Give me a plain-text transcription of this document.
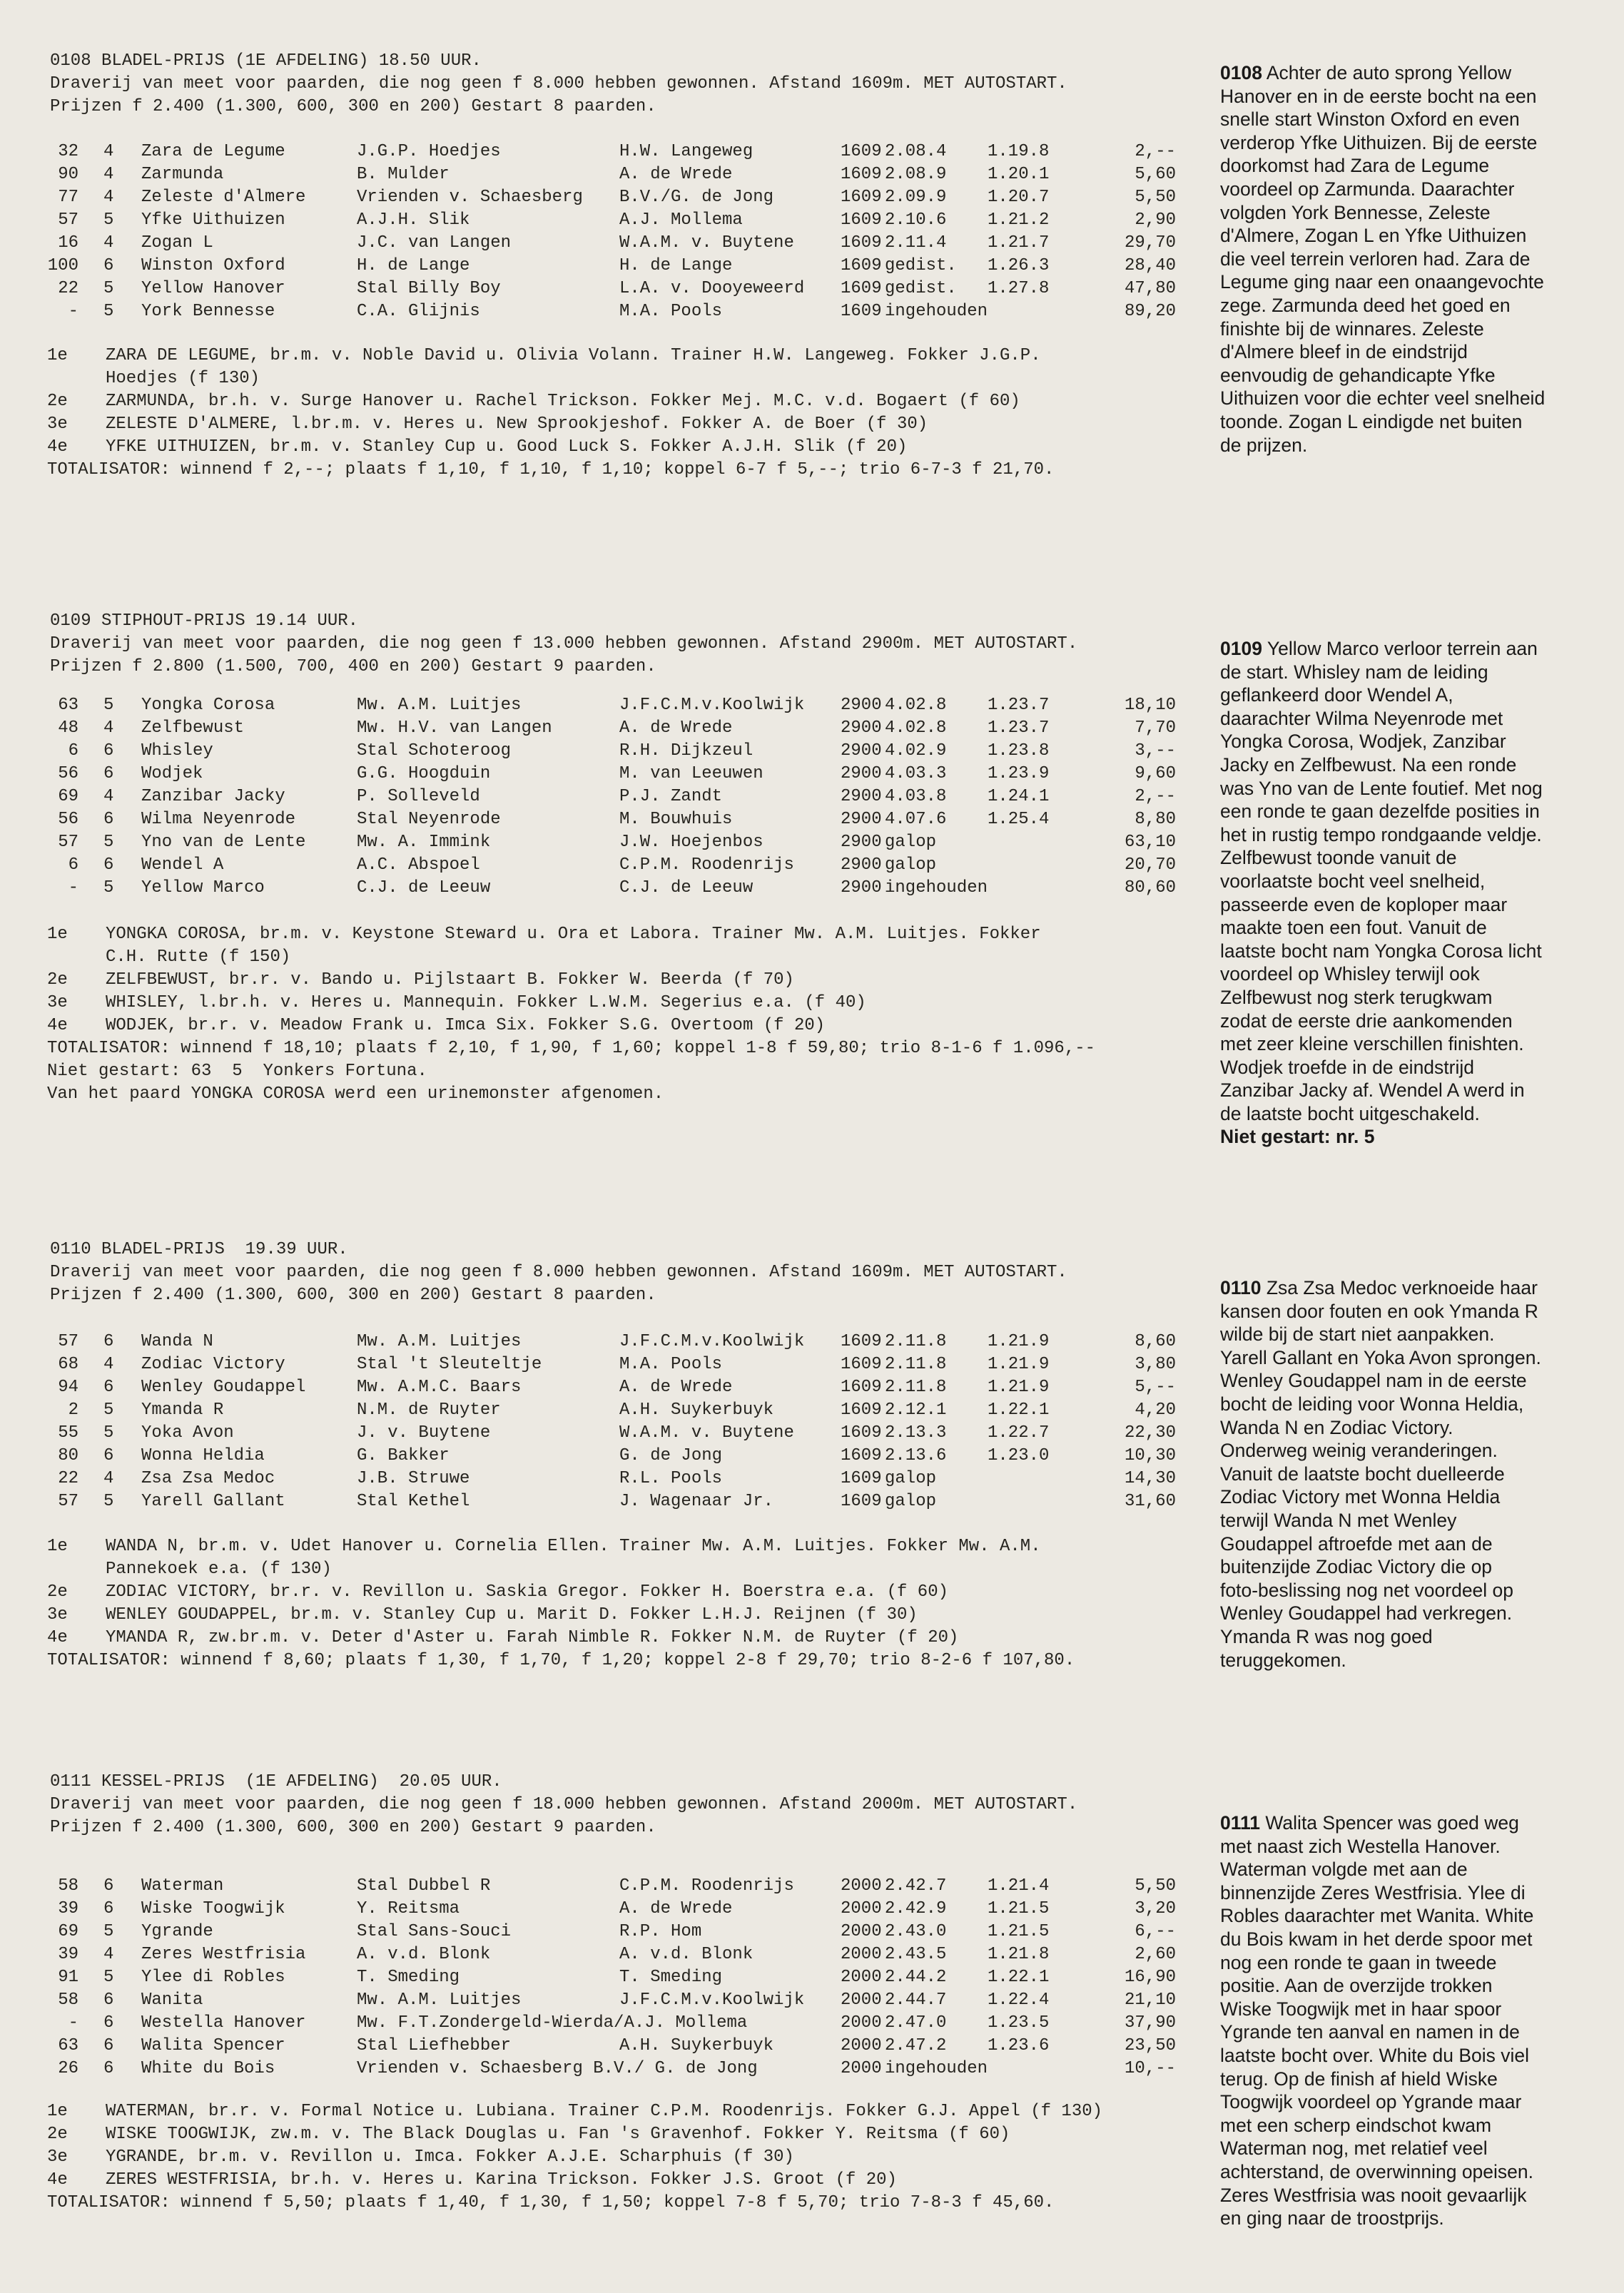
0108 BLADEL-PRIJS (1E AFDELING) 18.50 UUR.
Draverij van meet voor paarden, die nog geen f 8.000 hebben gewonnen. Afstand 1609m. MET AUTOSTART.
Prijzen f 2.400 (1.300, 600, 300 en 200) Gestart 8 paarden.
32 4 Zara de Legume	J.G.P. Hoedjes	H.W. Langeweg	1609 2.08.4 1.19.8	2,--
90 4 Zarmunda	B. Mulder	A. de Wrede	1609 2.08.9 1.20.1	5,60
77 4 Zeleste d'Almere	Vrienden v. Schaesberg B.V./G. de Jong	1609 2.09.9 1.20.7	5,50
57 5 Yfke Uithuizen	A.J.H. Slik	A.J. Mollema	1609 2.10.6 1.21.2	2,90
16 4 Zogan L	J.C. van Langen	W.A.M. v. Buytene	1609 2.11.4 1.21.7	29,70
100 6 Winston Oxford	H. de Lange	H. de Lange	1609 gedist. 1.26.3	28,40
22 5 Yellow Hanover	Stal Billy Boy	L.A. v. Dooyeweerd 1609 gedist. 1.27.8	47,80
- 5 York Bennesse	C.A. Glijnis	M.A. Pools	1609 ingehouden	89,20
1e ZARA DE LEGUME, br.m. v. Noble David u. Olivia Volann. Trainer H.W. Langeweg. Fokker J.G.P.
Hoedjes (f 130)
2e ZARMUNDA, br.h. v. Surge Hanover u. Rachel Trickson. Fokker Mej. M.C. v.d. Bogaert (f 60)
3e ZELESTE D'ALMERE, l.br.m. v. Heres u. New Sprookjeshof. Fokker A. de Boer (f 30)
4e YFKE UITHUIZEN, br.m. v. Stanley Cup u. Good Luck S. Fokker A.J.H. Slik (f 20)
TOTALISATOR: winnend f 2,--; plaats f 1,10, f 1,10, f 1,10; koppel 6-7 f 5,--; trio 6-7-3 f 21,70.
0108 Achter de auto sprong Yellow
Hanover en in de eerste bocht na een
snelle start Winston Oxford en even
verderop Yfke Uithuizen. Bij de eerste
doorkomst had Zara de Legume
voordeel op Zarmunda. Daarachter
volgden York Bennesse, Zeleste
d'Almere, Zogan L en Yfke Uithuizen
die veel terrein verloren had. Zara de
Legume ging naar een onaangevochte
zege. Zarmunda deed het goed en
finishte bij de winnares. Zeleste
d'Almere bleef in de eindstrijd
eenvoudig de gehandicapte Yfke
Uithuizen voor die echter veel snelheid
toonde. Zogan L eindigde net buiten
de prijzen.
0109 STIPHOUT-PRIJS 19.14 UUR.
Draverij van meet voor paarden, die nog geen f 13.000 hebben gewonnen. Afstand 2900m. MET AUTOSTART.
Prijzen f 2.800 (1.500, 700, 400 en 200) Gestart 9 paarden.
63 5 Yongka Corosa	Mw. A.M. Luitjes	J.F.C.M.v.Koolwijk 2900 4.02.8 1.23.7	18,10
48 4 Zelfbewust	Mw. H.V. van Langen	A. de Wrede	2900 4.02.8 1.23.7	7,70
6 6 Whisley	Stal Schoteroog	R.H. Dijkzeul	2900 4.02.9 1.23.8	3,--
56 6 Wodjek	G.G. Hoogduin	M. van Leeuwen	2900 4.03.3 1.23.9	9,60
69 4 Zanzibar Jacky	P. Solleveld	P.J. Zandt	2900 4.03.8 1.24.1	2,--
56 6 Wilma Neyenrode	Stal Neyenrode	M. Bouwhuis	2900 4.07.6 1.25.4	8,80
57 5 Yno van de Lente	Mw. A. Immink	J.W. Hoejenbos	2900 galop	63,10
6 6 Wendel A	A.C. Abspoel	C.P.M. Roodenrijs	2900 galop	20,70
- 5 Yellow Marco	C.J. de Leeuw	C.J. de Leeuw	2900 ingehouden	80,60
1e YONGKA COROSA, br.m. v. Keystone Steward u. Ora et Labora. Trainer Mw. A.M. Luitjes. Fokker
C.H. Rutte (f 150)
2e ZELFBEWUST, br.r. v. Bando u. Pijlstaart B. Fokker W. Beerda (f 70)
3e WHISLEY, l.br.h. v. Heres u. Mannequin. Fokker L.W.M. Segerius e.a. (f 40)
4e WODJEK, br.r. v. Meadow Frank u. Imca Six. Fokker S.G. Overtoom (f 20)
TOTALISATOR: winnend f 18,10; plaats f 2,10, f 1,90, f 1,60; koppel 1-8 f 59,80; trio 8-1-6 f 1.096,--
Niet gestart: 63  5  Yonkers Fortuna.
Van het paard YONGKA COROSA werd een urinemonster afgenomen.
0109 Yellow Marco verloor terrein aan
de start. Whisley nam de leiding
geflankeerd door Wendel A,
daarachter Wilma Neyenrode met
Yongka Corosa, Wodjek, Zanzibar
Jacky en Zelfbewust. Na een ronde
was Yno van de Lente foutief. Met nog
een ronde te gaan dezelfde posities in
het in rustig tempo rondgaande veldje.
Zelfbewust toonde vanuit de
voorlaatste bocht veel snelheid,
passeerde even de koploper maar
maakte toen een fout. Vanuit de
laatste bocht nam Yongka Corosa licht
voordeel op Whisley terwijl ook
Zelfbewust nog sterk terugkwam
zodat de eerste drie aankomenden
met zeer kleine verschillen finishten.
Wodjek troefde in de eindstrijd
Zanzibar Jacky af. Wendel A werd in
de laatste bocht uitgeschakeld.
Niet gestart: nr. 5
0110 BLADEL-PRIJS  19.39 UUR.
Draverij van meet voor paarden, die nog geen f 8.000 hebben gewonnen. Afstand 1609m. MET AUTOSTART.
Prijzen f 2.400 (1.300, 600, 300 en 200) Gestart 8 paarden.
57 6 Wanda N	Mw. A.M. Luitjes	J.F.C.M.v.Koolwijk 1609 2.11.8 1.21.9	8,60
68 4 Zodiac Victory	Stal 't Sleuteltje	M.A. Pools	1609 2.11.8 1.21.9	3,80
94 6 Wenley Goudappel	Mw. A.M.C. Baars	A. de Wrede	1609 2.11.8 1.21.9	5,--
2 5 Ymanda R	N.M. de Ruyter	A.H. Suykerbuyk	1609 2.12.1 1.22.1	4,20
55 5 Yoka Avon	J. v. Buytene	W.A.M. v. Buytene	1609 2.13.3 1.22.7	22,30
80 6 Wonna Heldia	G. Bakker	G. de Jong	1609 2.13.6 1.23.0	10,30
22 4 Zsa Zsa Medoc	J.B. Struwe	R.L. Pools	1609 galop	14,30
57 5 Yarell Gallant	Stal Kethel	J. Wagenaar Jr.	1609 galop	31,60
1e WANDA N, br.m. v. Udet Hanover u. Cornelia Ellen. Trainer Mw. A.M. Luitjes. Fokker Mw. A.M.
Pannekoek e.a. (f 130)
2e ZODIAC VICTORY, br.r. v. Revillon u. Saskia Gregor. Fokker H. Boerstra e.a. (f 60)
3e WENLEY GOUDAPPEL, br.m. v. Stanley Cup u. Marit D. Fokker L.H.J. Reijnen (f 30)
4e YMANDA R, zw.br.m. v. Deter d'Aster u. Farah Nimble R. Fokker N.M. de Ruyter (f 20)
TOTALISATOR: winnend f 8,60; plaats f 1,30, f 1,70, f 1,20; koppel 2-8 f 29,70; trio 8-2-6 f 107,80.
0110 Zsa Zsa Medoc verknoeide haar
kansen door fouten en ook Ymanda R
wilde bij de start niet aanpakken.
Yarell Gallant en Yoka Avon sprongen.
Wenley Goudappel nam in de eerste
bocht de leiding voor Wonna Heldia,
Wanda N en Zodiac Victory.
Onderweg weinig veranderingen.
Vanuit de laatste bocht duelleerde
Zodiac Victory met Wonna Heldia
terwijl Wanda N met Wenley
Goudappel aftroefde met aan de
buitenzijde Zodiac Victory die op
foto-beslissing nog net voordeel op
Wenley Goudappel had verkregen.
Ymanda R was nog goed
teruggekomen.
0111 KESSEL-PRIJS  (1E AFDELING)  20.05 UUR.
Draverij van meet voor paarden, die nog geen f 18.000 hebben gewonnen. Afstand 2000m. MET AUTOSTART.
Prijzen f 2.400 (1.300, 600, 300 en 200) Gestart 9 paarden.
58 6 Waterman	Stal Dubbel R	C.P.M. Roodenrijs	2000 2.42.7 1.21.4	5,50
39 6 Wiske Toogwijk	Y. Reitsma	A. de Wrede	2000 2.42.9 1.21.5	3,20
69 5 Ygrande	Stal Sans-Souci	R.P. Hom	2000 2.43.0 1.21.5	6,--
39 4 Zeres Westfrisia	A. v.d. Blonk	A. v.d. Blonk	2000 2.43.5 1.21.8	2,60
91 5 Ylee di Robles	T. Smeding	T. Smeding	2000 2.44.2 1.22.1	16,90
58 6 Wanita	Mw. A.M. Luitjes	J.F.C.M.v.Koolwijk 2000 2.44.7 1.22.4	21,10
- 6 Westella Hanover	Mw. F.T.Zondergeld-Wierda/A.J. Mollema	2000 2.47.0 1.23.5	37,90
63 6 Walita Spencer	Stal Liefhebber	A.H. Suykerbuyk	2000 2.47.2 1.23.6	23,50
26 6 White du Bois	Vrienden v. Schaesberg B.V./ G. de Jong	2000 ingehouden	10,--
1e WATERMAN, br.r. v. Formal Notice u. Lubiana. Trainer C.P.M. Roodenrijs. Fokker G.J. Appel (f 130)
2e WISKE TOOGWIJK, zw.m. v. The Black Douglas u. Fan 's Gravenhof. Fokker Y. Reitsma (f 60)
3e YGRANDE, br.m. v. Revillon u. Imca. Fokker A.J.E. Scharphuis (f 30)
4e ZERES WESTFRISIA, br.h. v. Heres u. Karina Trickson. Fokker J.S. Groot (f 20)
TOTALISATOR: winnend f 5,50; plaats f 1,40, f 1,30, f 1,50; koppel 7-8 f 5,70; trio 7-8-3 f 45,60.
0111 Walita Spencer was goed weg
met naast zich Westella Hanover.
Waterman volgde met aan de
binnenzijde Zeres Westfrisia. Ylee di
Robles daarachter met Wanita. White
du Bois kwam in het derde spoor met
nog een ronde te gaan in tweede
positie. Aan de overzijde trokken
Wiske Toogwijk met in haar spoor
Ygrande ten aanval en namen in de
laatste bocht over. White du Bois viel
terug. Op de finish af hield Wiske
Toogwijk voordeel op Ygrande maar
met een scherp eindschot kwam
Waterman nog, met relatief veel
achterstand, de overwinning opeisen.
Zeres Westfrisia was nooit gevaarlijk
en ging naar de troostprijs.
